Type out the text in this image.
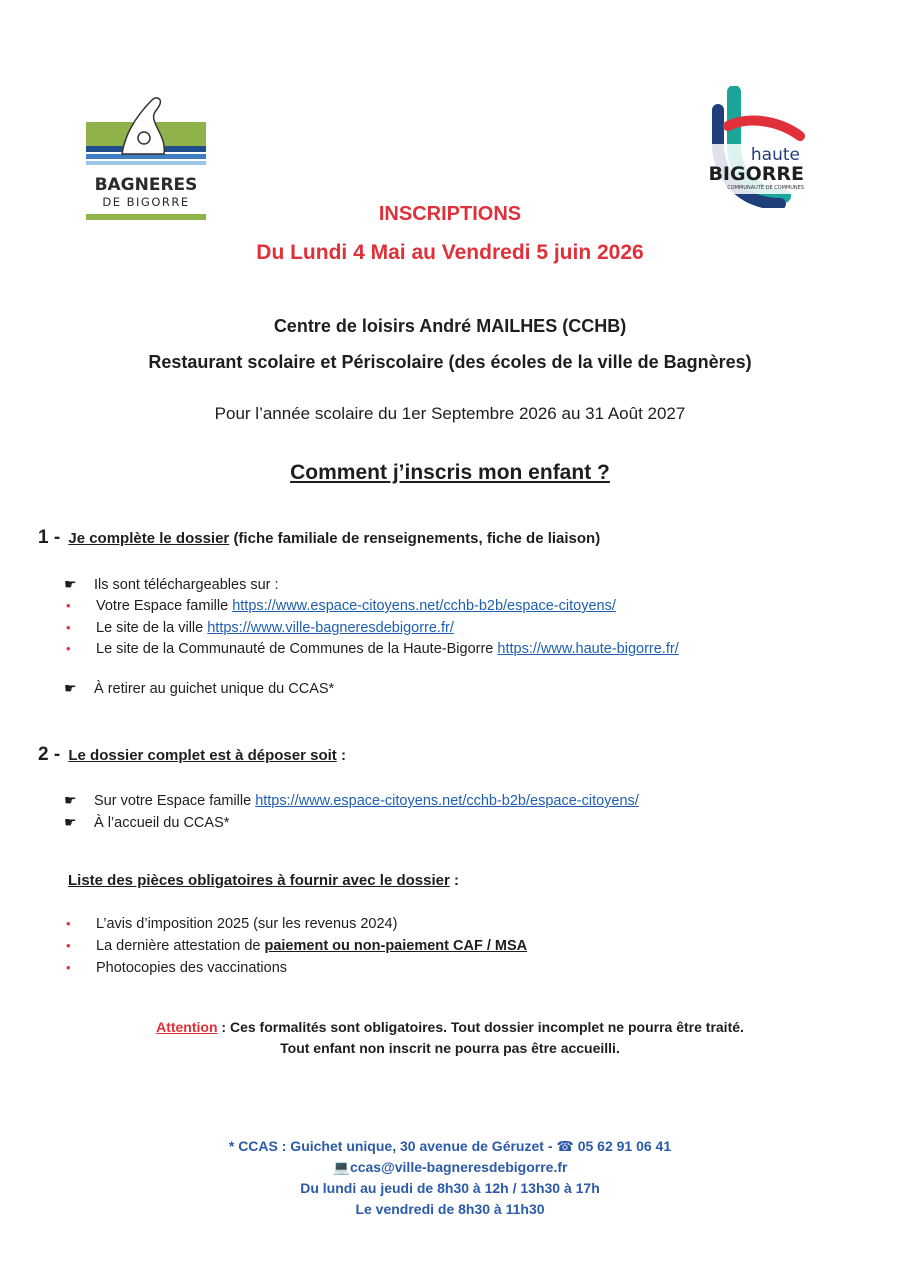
BAGNERES
DE BIGORRE
haute
BIGORRE
COMMUNAUTÉ DE COMMUNES
INSCRIPTIONS
Du Lundi 4 Mai au Vendredi 5 juin 2026
Centre de loisirs André MAILHES (CCHB)
Restaurant scolaire et Périscolaire (des écoles de la ville de Bagnères)
Pour l’année scolaire du 1er Septembre 2026 au 31 Août 2027
Comment j’inscris mon enfant ?
1 - Je complète le dossier (fiche familiale de renseignements, fiche de liaison)
☛ Ils sont téléchargeables sur :
• Votre Espace famille https://www.espace-citoyens.net/cchb-b2b/espace-citoyens/
• Le site de la ville https://www.ville-bagneresdebigorre.fr/
• Le site de la Communauté de Communes de la Haute-Bigorre https://www.haute-bigorre.fr/
☛ À retirer au guichet unique du CCAS*
2 - Le dossier complet est à déposer soit :
☛ Sur votre Espace famille https://www.espace-citoyens.net/cchb-b2b/espace-citoyens/
☛ À l’accueil du CCAS*
Liste des pièces obligatoires à fournir avec le dossier :
• L’avis d’imposition 2025 (sur les revenus 2024)
• La dernière attestation de paiement ou non-paiement CAF / MSA
• Photocopies des vaccinations
Attention : Ces formalités sont obligatoires. Tout dossier incomplet ne pourra être traité.
Tout enfant non inscrit ne pourra pas être accueilli.
* CCAS : Guichet unique, 30 avenue de Géruzet - ☎ 05 62 91 06 41
💻ccas@ville-bagneresdebigorre.fr
Du lundi au jeudi de 8h30 à 12h / 13h30 à 17h
Le vendredi de 8h30 à 11h30
